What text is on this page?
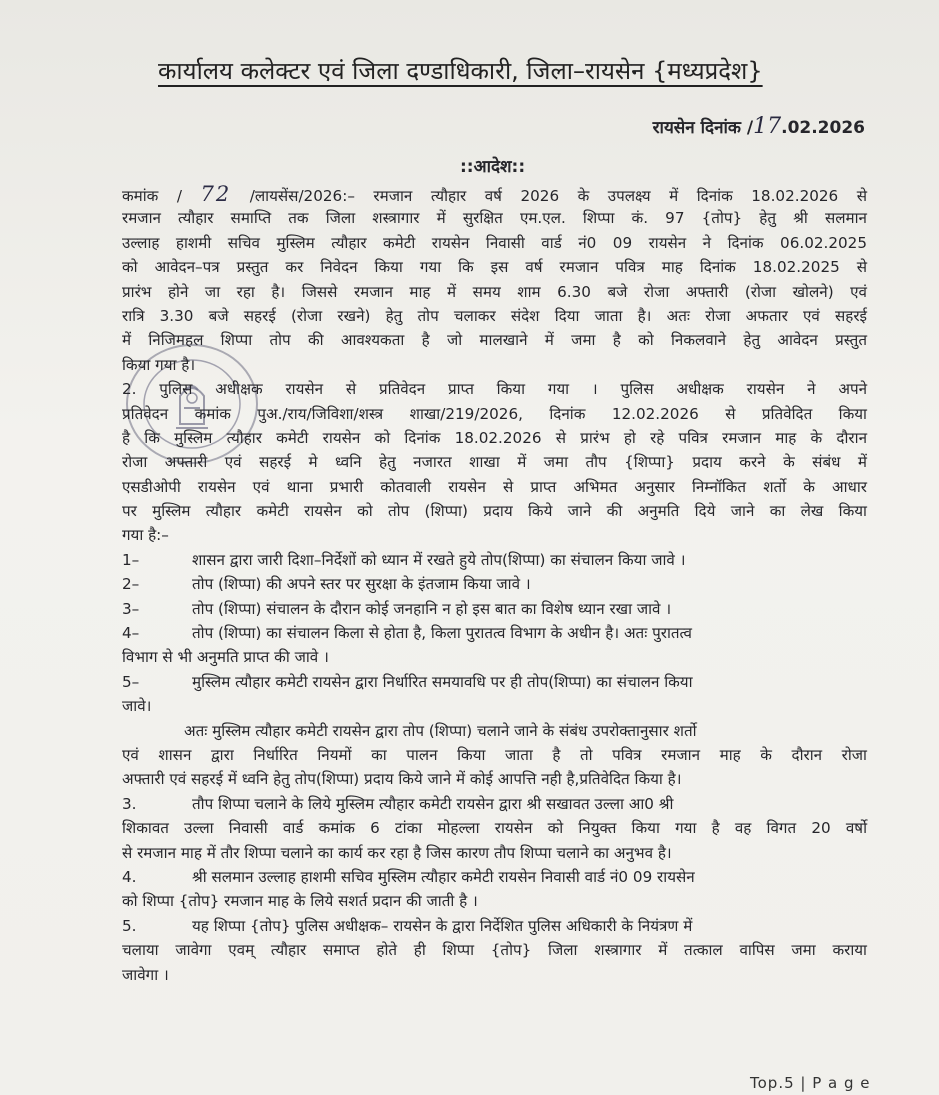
कार्यालय कलेक्टर एवं जिला दण्डाधिकारी, जिला–रायसेन {मध्यप्रदेश}
रायसेन दिनांक /17.02.2026
::आदेश::
कमांक / 72 /लायसेंस/2026:– रमजान त्यौहार वर्ष 2026 के उपलक्ष्य में दिनांक 18.02.2026 से
रमजान त्यौहार समाप्ति तक जिला शस्त्रागार में सुरक्षित एम.एल. शिप्पा कं. 97 {तोप} हेतु श्री सलमान
उल्लाह हाशमी सचिव मुस्लिम त्यौहार कमेटी रायसेन निवासी वार्ड नं0 09 रायसेन ने दिनांक 06.02.2025
को आवेदन–पत्र प्रस्तुत कर निवेदन किया गया कि इस वर्ष रमजान पवित्र माह दिनांक 18.02.2025 से
प्रारंभ होने जा रहा है। जिससे रमजान माह में समय शाम 6.30 बजे रोजा अफ्तारी (रोजा खोलने) एवं
रात्रि 3.30 बजे सहरई (रोजा रखने) हेतु तोप चलाकर संदेश दिया जाता है। अतः रोजा अफतार एवं सहरई
में निजिमहल शिप्पा तोप की आवश्यकता है जो मालखाने में जमा है को निकलवाने हेतु आवेदन प्रस्तुत
किया गया है।
2. पुलिस अधीक्षक रायसेन से प्रतिवेदन प्राप्त किया गया । पुलिस अधीक्षक रायसेन ने अपने
प्रतिवेदन कमांक पुअ./राय/जिविशा/शस्त्र शाखा/219/2026, दिनांक 12.02.2026 से प्रतिवेदित किया
है कि मुस्लिम त्यौहार कमेटी रायसेन को दिनांक 18.02.2026 से प्रारंभ हो रहे पवित्र रमजान माह के दौरान
रोजा अफ्तारी एवं सहरई मे ध्वनि हेतु नजारत शाखा में जमा तौप {शिप्पा} प्रदाय करने के संबंध में
एसडीओपी रायसेन एवं थाना प्रभारी कोतवाली रायसेन से प्राप्त अभिमत अनुसार निम्नॉकित शर्तो के आधार
पर मुस्लिम त्यौहार कमेटी रायसेन को तोप (शिप्पा) प्रदाय किये जाने की अनुमति दिये जाने का लेख किया
गया है:–
1–	शासन द्वारा जारी दिशा–निर्देशों को ध्यान में रखते हुये तोप(शिप्पा) का संचालन किया जावे ।
2–	तोप (शिप्पा) की अपने स्तर पर सुरक्षा के इंतजाम किया जावे ।
3–	तोप (शिप्पा) संचालन के दौरान कोई जनहानि न हो इस बात का विशेष ध्यान रखा जावे ।
4–	तोप (शिप्पा) का संचालन किला से होता है, किला पुरातत्व विभाग के अधीन है। अतः पुरातत्व
विभाग से भी अनुमति प्राप्त की जावे ।
5–	मुस्लिम त्यौहार कमेटी रायसेन द्वारा निर्धारित समयावधि पर ही तोप(शिप्पा) का संचालन किया
जावे।
अतः मुस्लिम त्यौहार कमेटी रायसेन द्वारा तोप (शिप्पा) चलाने जाने के संबंध उपरोक्तानुसार शर्तो
एवं शासन द्वारा निर्धारित नियमों का पालन किया जाता है तो पवित्र रमजान माह के दौरान रोजा
अफ्तारी एवं सहरई में ध्वनि हेतु तोप(शिप्पा) प्रदाय किये जाने में कोई आपत्ति नही है,प्रतिवेदित किया है।
3.	तौप शिप्पा चलाने के लिये मुस्लिम त्यौहार कमेटी रायसेन द्वारा श्री सखावत उल्ला आ0 श्री
शिकावत उल्ला निवासी वार्ड कमांक 6 टांका मोहल्ला रायसेन को नियुक्त किया गया है वह विगत 20 वर्षो
से रमजान माह में तौर शिप्पा चलाने का कार्य कर रहा है जिस कारण तौप शिप्पा चलाने का अनुभव है।
4.	श्री सलमान उल्लाह हाशमी सचिव मुस्लिम त्यौहार कमेटी रायसेन निवासी वार्ड नं0 09 रायसेन
को शिप्पा {तोप} रमजान माह के लिये सशर्त प्रदान की जाती है ।
5.	यह शिप्पा {तोप} पुलिस अधीक्षक– रायसेन के द्वारा निर्देशित पुलिस अधिकारी के नियंत्रण में
चलाया जावेगा एवम् त्यौहार समाप्त होते ही शिप्पा {तोप} जिला शस्त्रागार में तत्काल वापिस जमा कराया
जावेगा ।
Top.5 | P a g e
